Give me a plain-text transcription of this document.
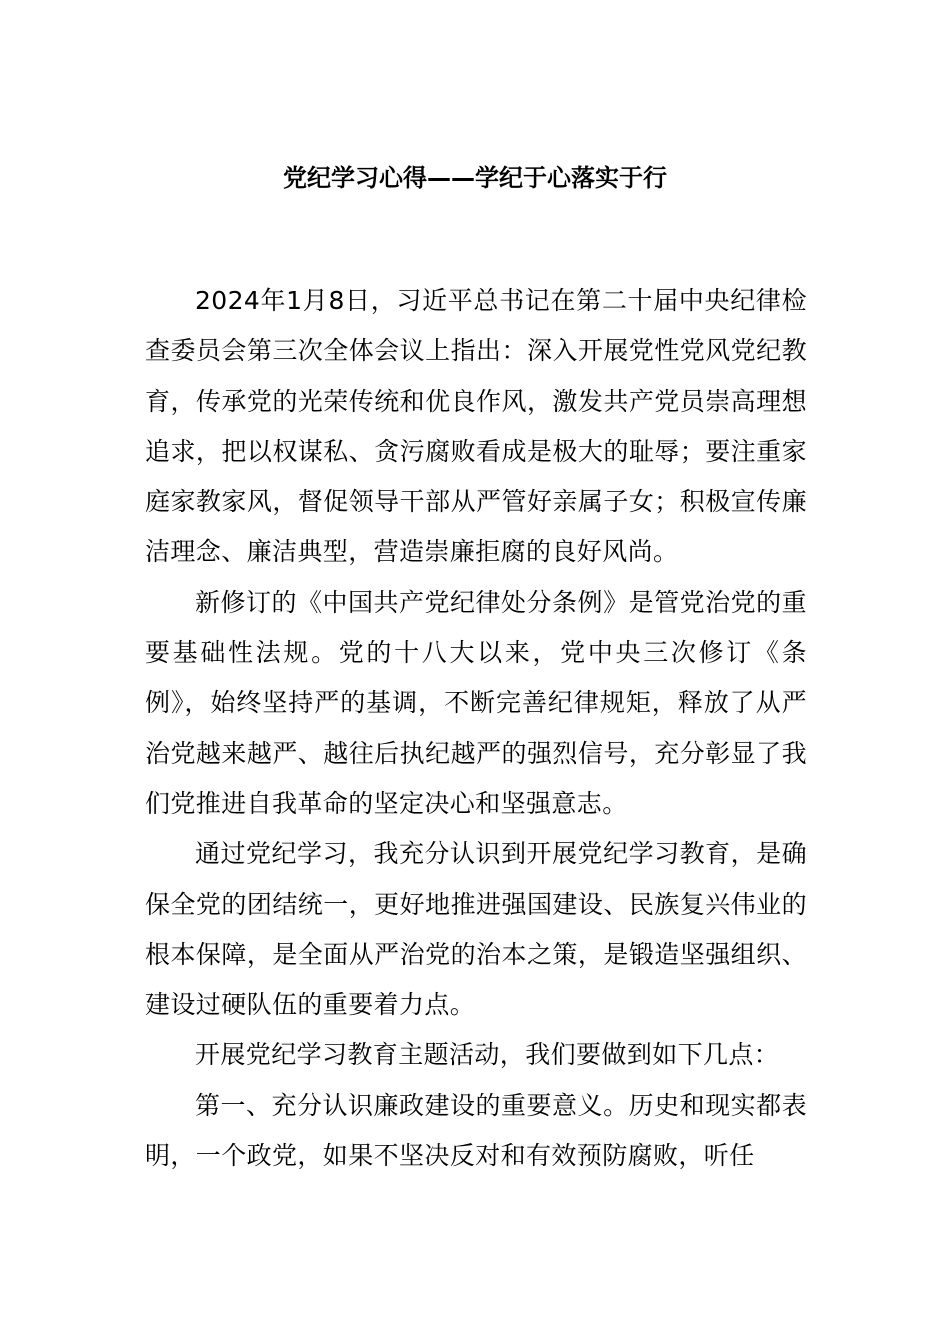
党纪学习心得——学纪于心落实于行

2024年1月8日，习近平总书记在第二十届中央纪律检查委员会第三次全体会议上指出：深入开展党性党风党纪教育，传承党的光荣传统和优良作风，激发共产党员崇高理想追求，把以权谋私、贪污腐败看成是极大的耻辱；要注重家庭家教家风，督促领导干部从严管好亲属子女；积极宣传廉洁理念、廉洁典型，营造崇廉拒腐的良好风尚。

新修订的《中国共产党纪律处分条例》是管党治党的重要基础性法规。党的十八大以来，党中央三次修订《条例》，始终坚持严的基调，不断完善纪律规矩，释放了从严治党越来越严、越往后执纪越严的强烈信号，充分彰显了我们党推进自我革命的坚定决心和坚强意志。

通过党纪学习，我充分认识到开展党纪学习教育，是确保全党的团结统一，更好地推进强国建设、民族复兴伟业的根本保障，是全面从严治党的治本之策，是锻造坚强组织、建设过硬队伍的重要着力点。

开展党纪学习教育主题活动，我们要做到如下几点：

第一、充分认识廉政建设的重要意义。历史和现实都表明，一个政党，如果不坚决反对和有效预防腐败，听任
